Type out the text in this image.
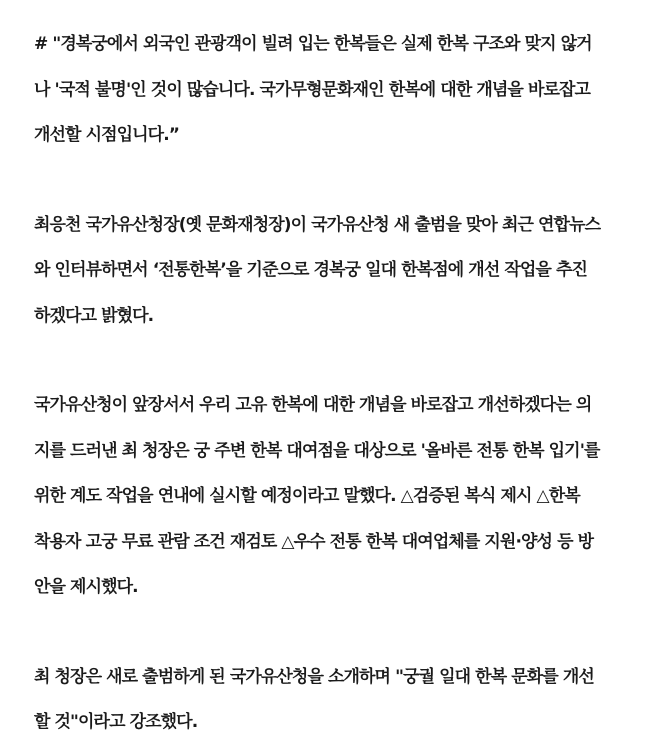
# "경복궁에서 외국인 관광객이 빌려 입는 한복들은 실제 한복 구조와 맞지 않거
나 '국적 불명'인 것이 많습니다. 국가무형문화재인 한복에 대한 개념을 바로잡고
개선할 시점입니다.”
최응천 국가유산청장(옛 문화재청장)이 국가유산청 새 출범을 맞아 최근 연합뉴스
와 인터뷰하면서 ‘전통한복’을 기준으로 경복궁 일대 한복점에 개선 작업을 추진
하겠다고 밝혔다.
국가유산청이 앞장서서 우리 고유 한복에 대한 개념을 바로잡고 개선하겠다는 의
지를 드러낸 최 청장은 궁 주변 한복 대여점을 대상으로 '올바른 전통 한복 입기'를
위한 계도 작업을 연내에 실시할 예정이라고 말했다. △검증된 복식 제시 △한복
착용자 고궁 무료 관람 조건 재검토 △우수 전통 한복 대여업체를 지원·양성 등 방
안을 제시했다.
최 청장은 새로 출범하게 된 국가유산청을 소개하며 "궁궐 일대 한복 문화를 개선
할 것"이라고 강조했다.
